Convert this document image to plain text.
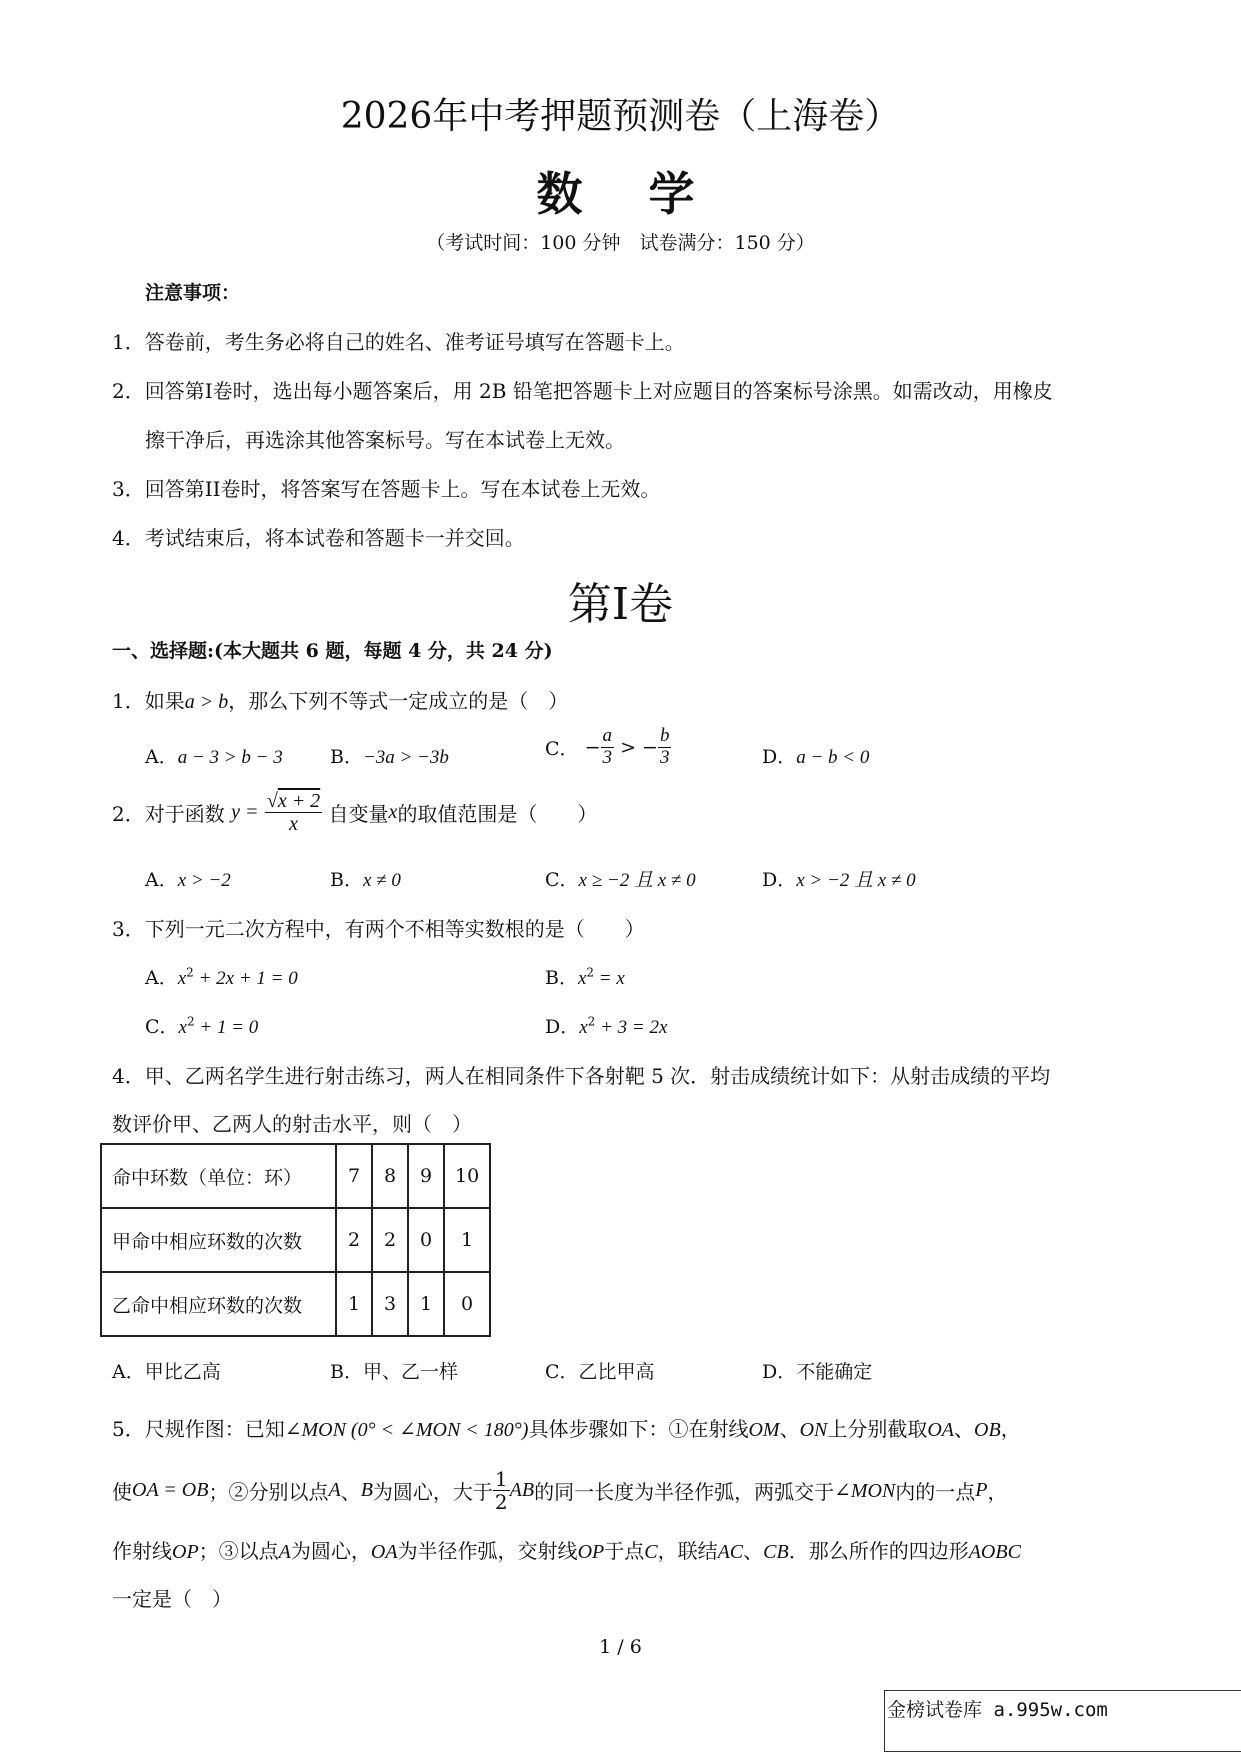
2026年中考押题预测卷（上海卷）
数　学
（考试时间：100 分钟　试卷满分：150 分）
注意事项：
1．答卷前，考生务必将自己的姓名、准考证号填写在答题卡上。
2．回答第I卷时，选出每小题答案后，用 2B 铅笔把答题卡上对应题目的答案标号涂黑。如需改动，用橡皮
擦干净后，再选涂其他答案标号。写在本试卷上无效。
3．回答第II卷时，将答案写在答题卡上。写在本试卷上无效。
4．考试结束后，将本试卷和答题卡一并交回。
第I卷
一、选择题:(本大题共 6 题，每题 4 分，共 24 分)
1．如果a > b，那么下列不等式一定成立的是（　）
A．a − 3 > b − 3 B．−3a > −3b	C． − $\frac{a}{3}$ > − $\frac{b}{3}$	D．a − b < 0
2．对于函数 $y = \frac{√x + 2}{x}$ 自变量x的取值范围是（　　）
A．x > −2	B．x ≠ 0	C．x ≥ −2 且 x ≠ 0	D．x > −2 且 x ≠ 0
3．下列一元二次方程中，有两个不相等实数根的是（　　）
A．$x^2 + 2x + 1 = 0$	B．$x^2 = x$
C．$x^2 + 1 = 0$	D．$x^2 + 3 = 2x$
4．甲、乙两名学生进行射击练习，两人在相同条件下各射靶 5 次．射击成绩统计如下：从射击成绩的平均
数评价甲、乙两人的射击水平，则（　）
命中环数（单位：环）	7	8	9	10
甲命中相应环数的次数	2	2	0	1
乙命中相应环数的次数	1	3	1	0
A．甲比乙高	B．甲、乙一样	C．乙比甲高	D．不能确定
5．尺规作图：已知∠MON (0° < ∠MON < 180°)具体步骤如下：①在射线OM、ON上分别截取OA、OB，
使OA = OB；②分别以点A、B为圆心，大于 $\frac{1}{2}$ AB的同一长度为半径作弧，两弧交于∠MON内的一点P，
作射线OP；③以点A为圆心，OA为半径作弧，交射线OP于点C，联结AC、CB．那么所作的四边形AOBC
一定是（　）
1 / 6
金榜试卷库 a.995w.com
